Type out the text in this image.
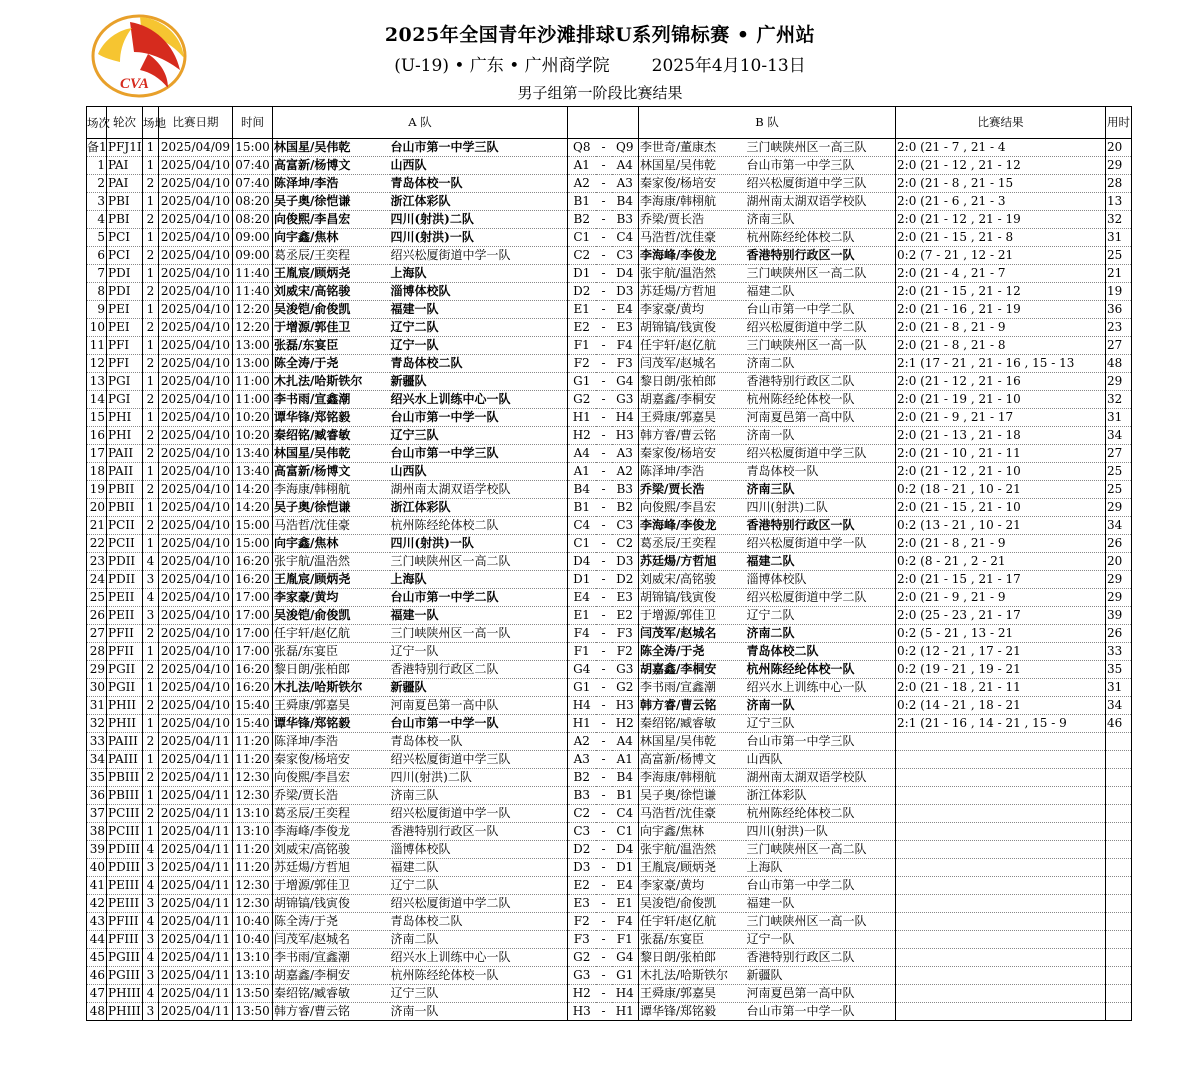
CVA
2025年全国青年沙滩排球U系列锦标赛 • 广州站
(U-19) • 广东 • 广州商学院 2025年4月10-13日
男子组第一阶段比赛结果
场次	轮次	场地	比赛日期	时间	A 队					B 队		比赛结果	用时
备1	PFJ1I	1	2025/04/09	15:00	林国星/吴伟乾	台山市第一中学三队	Q8	-	Q9	李世奇/董康杰	三门峡陕州区一高三队	2:0 (21 - 7 , 21 - 4	20
1	PAI	1	2025/04/10	07:40	高富新/杨博文	山西队	A1	-	A4	林国星/吴伟乾	台山市第一中学三队	2:0 (21 - 12 , 21 - 12	29
2	PAI	2	2025/04/10	07:40	陈泽坤/李浩	青岛体校一队	A2	-	A3	秦家俊/杨培安	绍兴松厦街道中学三队	2:0 (21 - 8 , 21 - 15	28
3	PBI	1	2025/04/10	08:20	吴子奥/徐恺谦	浙江体彩队	B1	-	B4	李海康/韩栩航	湖州南太湖双语学校队	2:0 (21 - 6 , 21 - 3	13
4	PBI	2	2025/04/10	08:20	向俊熙/李昌宏	四川(射洪)二队	B2	-	B3	乔梁/贾长浩	济南三队	2:0 (21 - 12 , 21 - 19	32
5	PCI	1	2025/04/10	09:00	向宇鑫/焦林	四川(射洪)一队	C1	-	C4	马浩哲/沈佳豪	杭州陈经纶体校二队	2:0 (21 - 15 , 21 - 8	31
6	PCI	2	2025/04/10	09:00	葛丞辰/王奕程	绍兴松厦街道中学一队	C2	-	C3	李海峰/李俊龙	香港特别行政区一队	0:2 (7 - 21 , 12 - 21	25
7	PDI	1	2025/04/10	11:40	王胤宸/顾炳尧	上海队	D1	-	D4	张宇航/温浩然	三门峡陕州区一高二队	2:0 (21 - 4 , 21 - 7	21
8	PDI	2	2025/04/10	11:40	刘威宋/高铭骏	淄博体校队	D2	-	D3	苏廷煬/方哲旭	福建二队	2:0 (21 - 15 , 21 - 12	19
9	PEI	1	2025/04/10	12:20	吴浚铠/俞俊凯	福建一队	E1	-	E4	李家豪/黄均	台山市第一中学二队	2:0 (21 - 16 , 21 - 19	36
10	PEI	2	2025/04/10	12:20	于增源/郭佳卫	辽宁二队	E2	-	E3	胡锦镐/钱寅俊	绍兴松厦街道中学二队	2:0 (21 - 8 , 21 - 9	23
11	PFI	1	2025/04/10	13:00	张磊/东宴臣	辽宁一队	F1	-	F4	任宇轩/赵亿航	三门峡陕州区一高一队	2:0 (21 - 8 , 21 - 8	27
12	PFI	2	2025/04/10	13:00	陈全涛/于尧	青岛体校二队	F2	-	F3	闫茂军/赵城名	济南二队	2:1 (17 - 21 , 21 - 16 , 15 - 13	48
13	PGI	1	2025/04/10	11:00	木扎法/哈斯铁尔	新疆队	G1	-	G4	黎日朗/张柏郎	香港特别行政区二队	2:0 (21 - 12 , 21 - 16	29
14	PGI	2	2025/04/10	11:00	李书雨/宣鑫潮	绍兴水上训练中心一队	G2	-	G3	胡嘉鑫/李桐安	杭州陈经纶体校一队	2:0 (21 - 19 , 21 - 10	32
15	PHI	1	2025/04/10	10:20	谭华锋/郑铭毅	台山市第一中学一队	H1	-	H4	王舜康/郭嘉昊	河南夏邑第一高中队	2:0 (21 - 9 , 21 - 17	31
16	PHI	2	2025/04/10	10:20	秦绍铭/臧睿敏	辽宁三队	H2	-	H3	韩方睿/曹云铭	济南一队	2:0 (21 - 13 , 21 - 18	34
17	PAII	2	2025/04/10	13:40	林国星/吴伟乾	台山市第一中学三队	A4	-	A3	秦家俊/杨培安	绍兴松厦街道中学三队	2:0 (21 - 10 , 21 - 11	27
18	PAII	1	2025/04/10	13:40	高富新/杨博文	山西队	A1	-	A2	陈泽坤/李浩	青岛体校一队	2:0 (21 - 12 , 21 - 10	25
19	PBII	2	2025/04/10	14:20	李海康/韩栩航	湖州南太湖双语学校队	B4	-	B3	乔梁/贾长浩	济南三队	0:2 (18 - 21 , 10 - 21	25
20	PBII	1	2025/04/10	14:20	吴子奥/徐恺谦	浙江体彩队	B1	-	B2	向俊熙/李昌宏	四川(射洪)二队	2:0 (21 - 15 , 21 - 10	29
21	PCII	2	2025/04/10	15:00	马浩哲/沈佳豪	杭州陈经纶体校二队	C4	-	C3	李海峰/李俊龙	香港特别行政区一队	0:2 (13 - 21 , 10 - 21	34
22	PCII	1	2025/04/10	15:00	向宇鑫/焦林	四川(射洪)一队	C1	-	C2	葛丞辰/王奕程	绍兴松厦街道中学一队	2:0 (21 - 8 , 21 - 9	26
23	PDII	4	2025/04/10	16:20	张宇航/温浩然	三门峡陕州区一高二队	D4	-	D3	苏廷煬/方哲旭	福建二队	0:2 (8 - 21 , 2 - 21	20
24	PDII	3	2025/04/10	16:20	王胤宸/顾炳尧	上海队	D1	-	D2	刘威宋/高铭骏	淄博体校队	2:0 (21 - 15 , 21 - 17	29
25	PEII	4	2025/04/10	17:00	李家豪/黄均	台山市第一中学二队	E4	-	E3	胡锦镐/钱寅俊	绍兴松厦街道中学二队	2:0 (21 - 9 , 21 - 9	29
26	PEII	3	2025/04/10	17:00	吴浚铠/俞俊凯	福建一队	E1	-	E2	于增源/郭佳卫	辽宁二队	2:0 (25 - 23 , 21 - 17	39
27	PFII	2	2025/04/10	17:00	任宇轩/赵亿航	三门峡陕州区一高一队	F4	-	F3	闫茂军/赵城名	济南二队	0:2 (5 - 21 , 13 - 21	26
28	PFII	1	2025/04/10	17:00	张磊/东宴臣	辽宁一队	F1	-	F2	陈全涛/于尧	青岛体校二队	0:2 (12 - 21 , 17 - 21	33
29	PGII	2	2025/04/10	16:20	黎日朗/张柏郎	香港特别行政区二队	G4	-	G3	胡嘉鑫/李桐安	杭州陈经纶体校一队	0:2 (19 - 21 , 19 - 21	35
30	PGII	1	2025/04/10	16:20	木扎法/哈斯铁尔	新疆队	G1	-	G2	李书雨/宣鑫潮	绍兴水上训练中心一队	2:0 (21 - 18 , 21 - 11	31
31	PHII	2	2025/04/10	15:40	王舜康/郭嘉昊	河南夏邑第一高中队	H4	-	H3	韩方睿/曹云铭	济南一队	0:2 (14 - 21 , 18 - 21	34
32	PHII	1	2025/04/10	15:40	谭华锋/郑铭毅	台山市第一中学一队	H1	-	H2	秦绍铭/臧睿敏	辽宁三队	2:1 (21 - 16 , 14 - 21 , 15 - 9	46
33	PAIII	2	2025/04/11	11:20	陈泽坤/李浩	青岛体校一队	A2	-	A4	林国星/吴伟乾	台山市第一中学三队		
34	PAIII	1	2025/04/11	11:20	秦家俊/杨培安	绍兴松厦街道中学三队	A3	-	A1	高富新/杨博文	山西队		
35	PBIII	2	2025/04/11	12:30	向俊熙/李昌宏	四川(射洪)二队	B2	-	B4	李海康/韩栩航	湖州南太湖双语学校队		
36	PBIII	1	2025/04/11	12:30	乔梁/贾长浩	济南三队	B3	-	B1	吴子奥/徐恺谦	浙江体彩队		
37	PCIII	2	2025/04/11	13:10	葛丞辰/王奕程	绍兴松厦街道中学一队	C2	-	C4	马浩哲/沈佳豪	杭州陈经纶体校二队		
38	PCIII	1	2025/04/11	13:10	李海峰/李俊龙	香港特别行政区一队	C3	-	C1	向宇鑫/焦林	四川(射洪)一队		
39	PDIII	4	2025/04/11	11:20	刘威宋/高铭骏	淄博体校队	D2	-	D4	张宇航/温浩然	三门峡陕州区一高二队		
40	PDIII	3	2025/04/11	11:20	苏廷煬/方哲旭	福建二队	D3	-	D1	王胤宸/顾炳尧	上海队		
41	PEIII	4	2025/04/11	12:30	于增源/郭佳卫	辽宁二队	E2	-	E4	李家豪/黄均	台山市第一中学二队		
42	PEIII	3	2025/04/11	12:30	胡锦镐/钱寅俊	绍兴松厦街道中学二队	E3	-	E1	吴浚铠/俞俊凯	福建一队		
43	PFIII	4	2025/04/11	10:40	陈全涛/于尧	青岛体校二队	F2	-	F4	任宇轩/赵亿航	三门峡陕州区一高一队		
44	PFIII	3	2025/04/11	10:40	闫茂军/赵城名	济南二队	F3	-	F1	张磊/东宴臣	辽宁一队		
45	PGIII	4	2025/04/11	13:10	李书雨/宣鑫潮	绍兴水上训练中心一队	G2	-	G4	黎日朗/张柏郎	香港特别行政区二队		
46	PGIII	3	2025/04/11	13:10	胡嘉鑫/李桐安	杭州陈经纶体校一队	G3	-	G1	木扎法/哈斯铁尔	新疆队		
47	PHIII	4	2025/04/11	13:50	秦绍铭/臧睿敏	辽宁三队	H2	-	H4	王舜康/郭嘉昊	河南夏邑第一高中队		
48	PHIII	3	2025/04/11	13:50	韩方睿/曹云铭	济南一队	H3	-	H1	谭华锋/郑铭毅	台山市第一中学一队		
